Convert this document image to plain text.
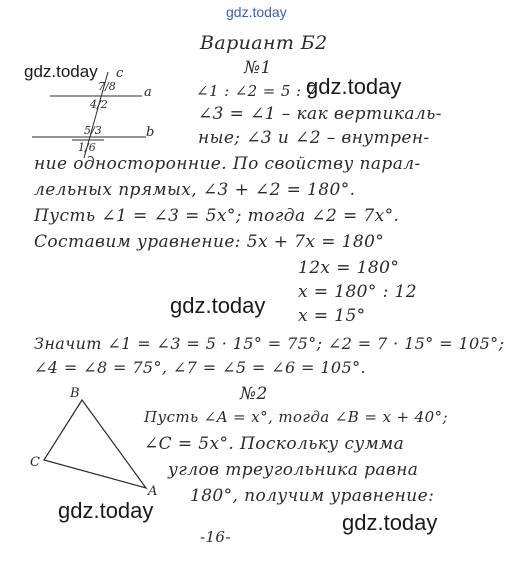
gdz.today
gdz.today
gdz.today
gdz.today
gdz.today	gdz.today
Вариант Б2
№1
∠1 : ∠2 = 5 : 7
c
a
b
7/8
4/2
5/3
1/6
∠3 = ∠1 – как вертикаль-
ные; ∠3 и ∠2 – внутрен-
ние односторонние. По свойству парал-
лельных прямых, ∠3 + ∠2 = 180°.
Пусть ∠1 = ∠3 = 5x°; тогда ∠2 = 7x°.
Составим уравнение: 5x + 7x = 180°
12x = 180°
x = 180° : 12
x = 15°
Значит ∠1 = ∠3 = 5 · 15° = 75°; ∠2 = 7 · 15° = 105°;
∠4 = ∠8 = 75°, ∠7 = ∠5 = ∠6 = 105°.
№2
B
C
A
Пусть ∠A = x°, тогда ∠B = x + 40°;
∠C = 5x°. Поскольку сумма
углов треугольника равна
180°, получим уравнение:
-16-
